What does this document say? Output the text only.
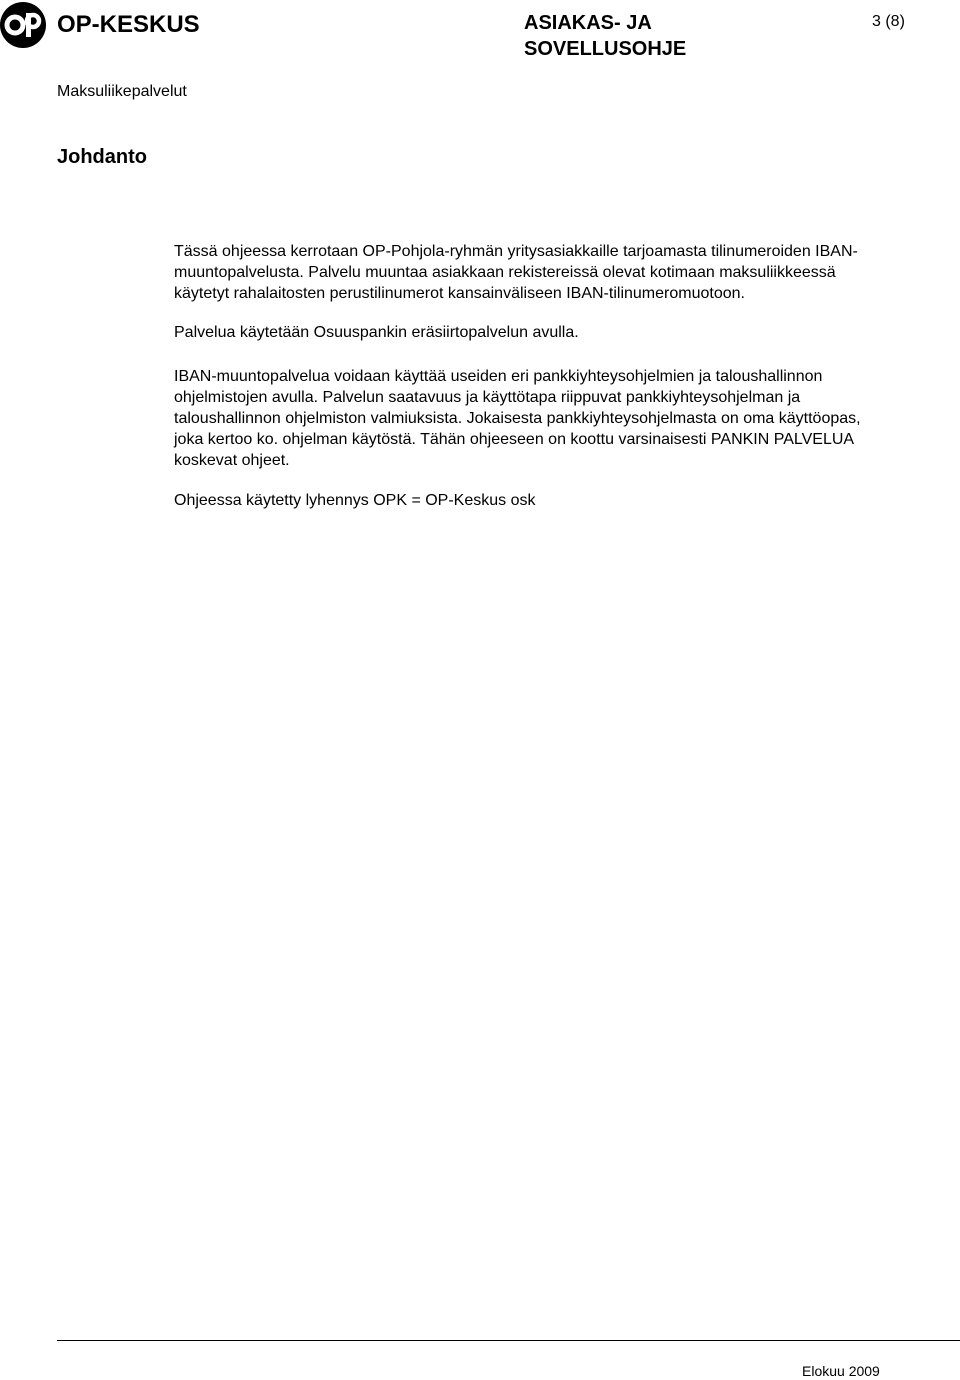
OP-KESKUS	ASIAKAS- JA
SOVELLUSOHJE
3 (8)
Maksuliikepalvelut
Johdanto
Tässä ohjeessa kerrotaan OP-Pohjola-ryhmän yritysasiakkaille tarjoamasta tilinumeroiden IBAN-
muuntopalvelusta. Palvelu muuntaa asiakkaan rekistereissä olevat kotimaan maksuliikkeessä
käytetyt rahalaitosten perustilinumerot kansainväliseen IBAN-tilinumeromuotoon.
Palvelua käytetään Osuuspankin eräsiirtopalvelun avulla.
IBAN-muuntopalvelua voidaan käyttää useiden eri pankkiyhteysohjelmien ja taloushallinnon
ohjelmistojen avulla. Palvelun saatavuus ja käyttötapa riippuvat pankkiyhteysohjelman ja
taloushallinnon ohjelmiston valmiuksista. Jokaisesta pankkiyhteysohjelmasta on oma käyttöopas,
joka kertoo ko. ohjelman käytöstä. Tähän ohjeeseen on koottu varsinaisesti PANKIN PALVELUA
koskevat ohjeet.
Ohjeessa käytetty lyhennys OPK = OP-Keskus osk
Elokuu 2009
